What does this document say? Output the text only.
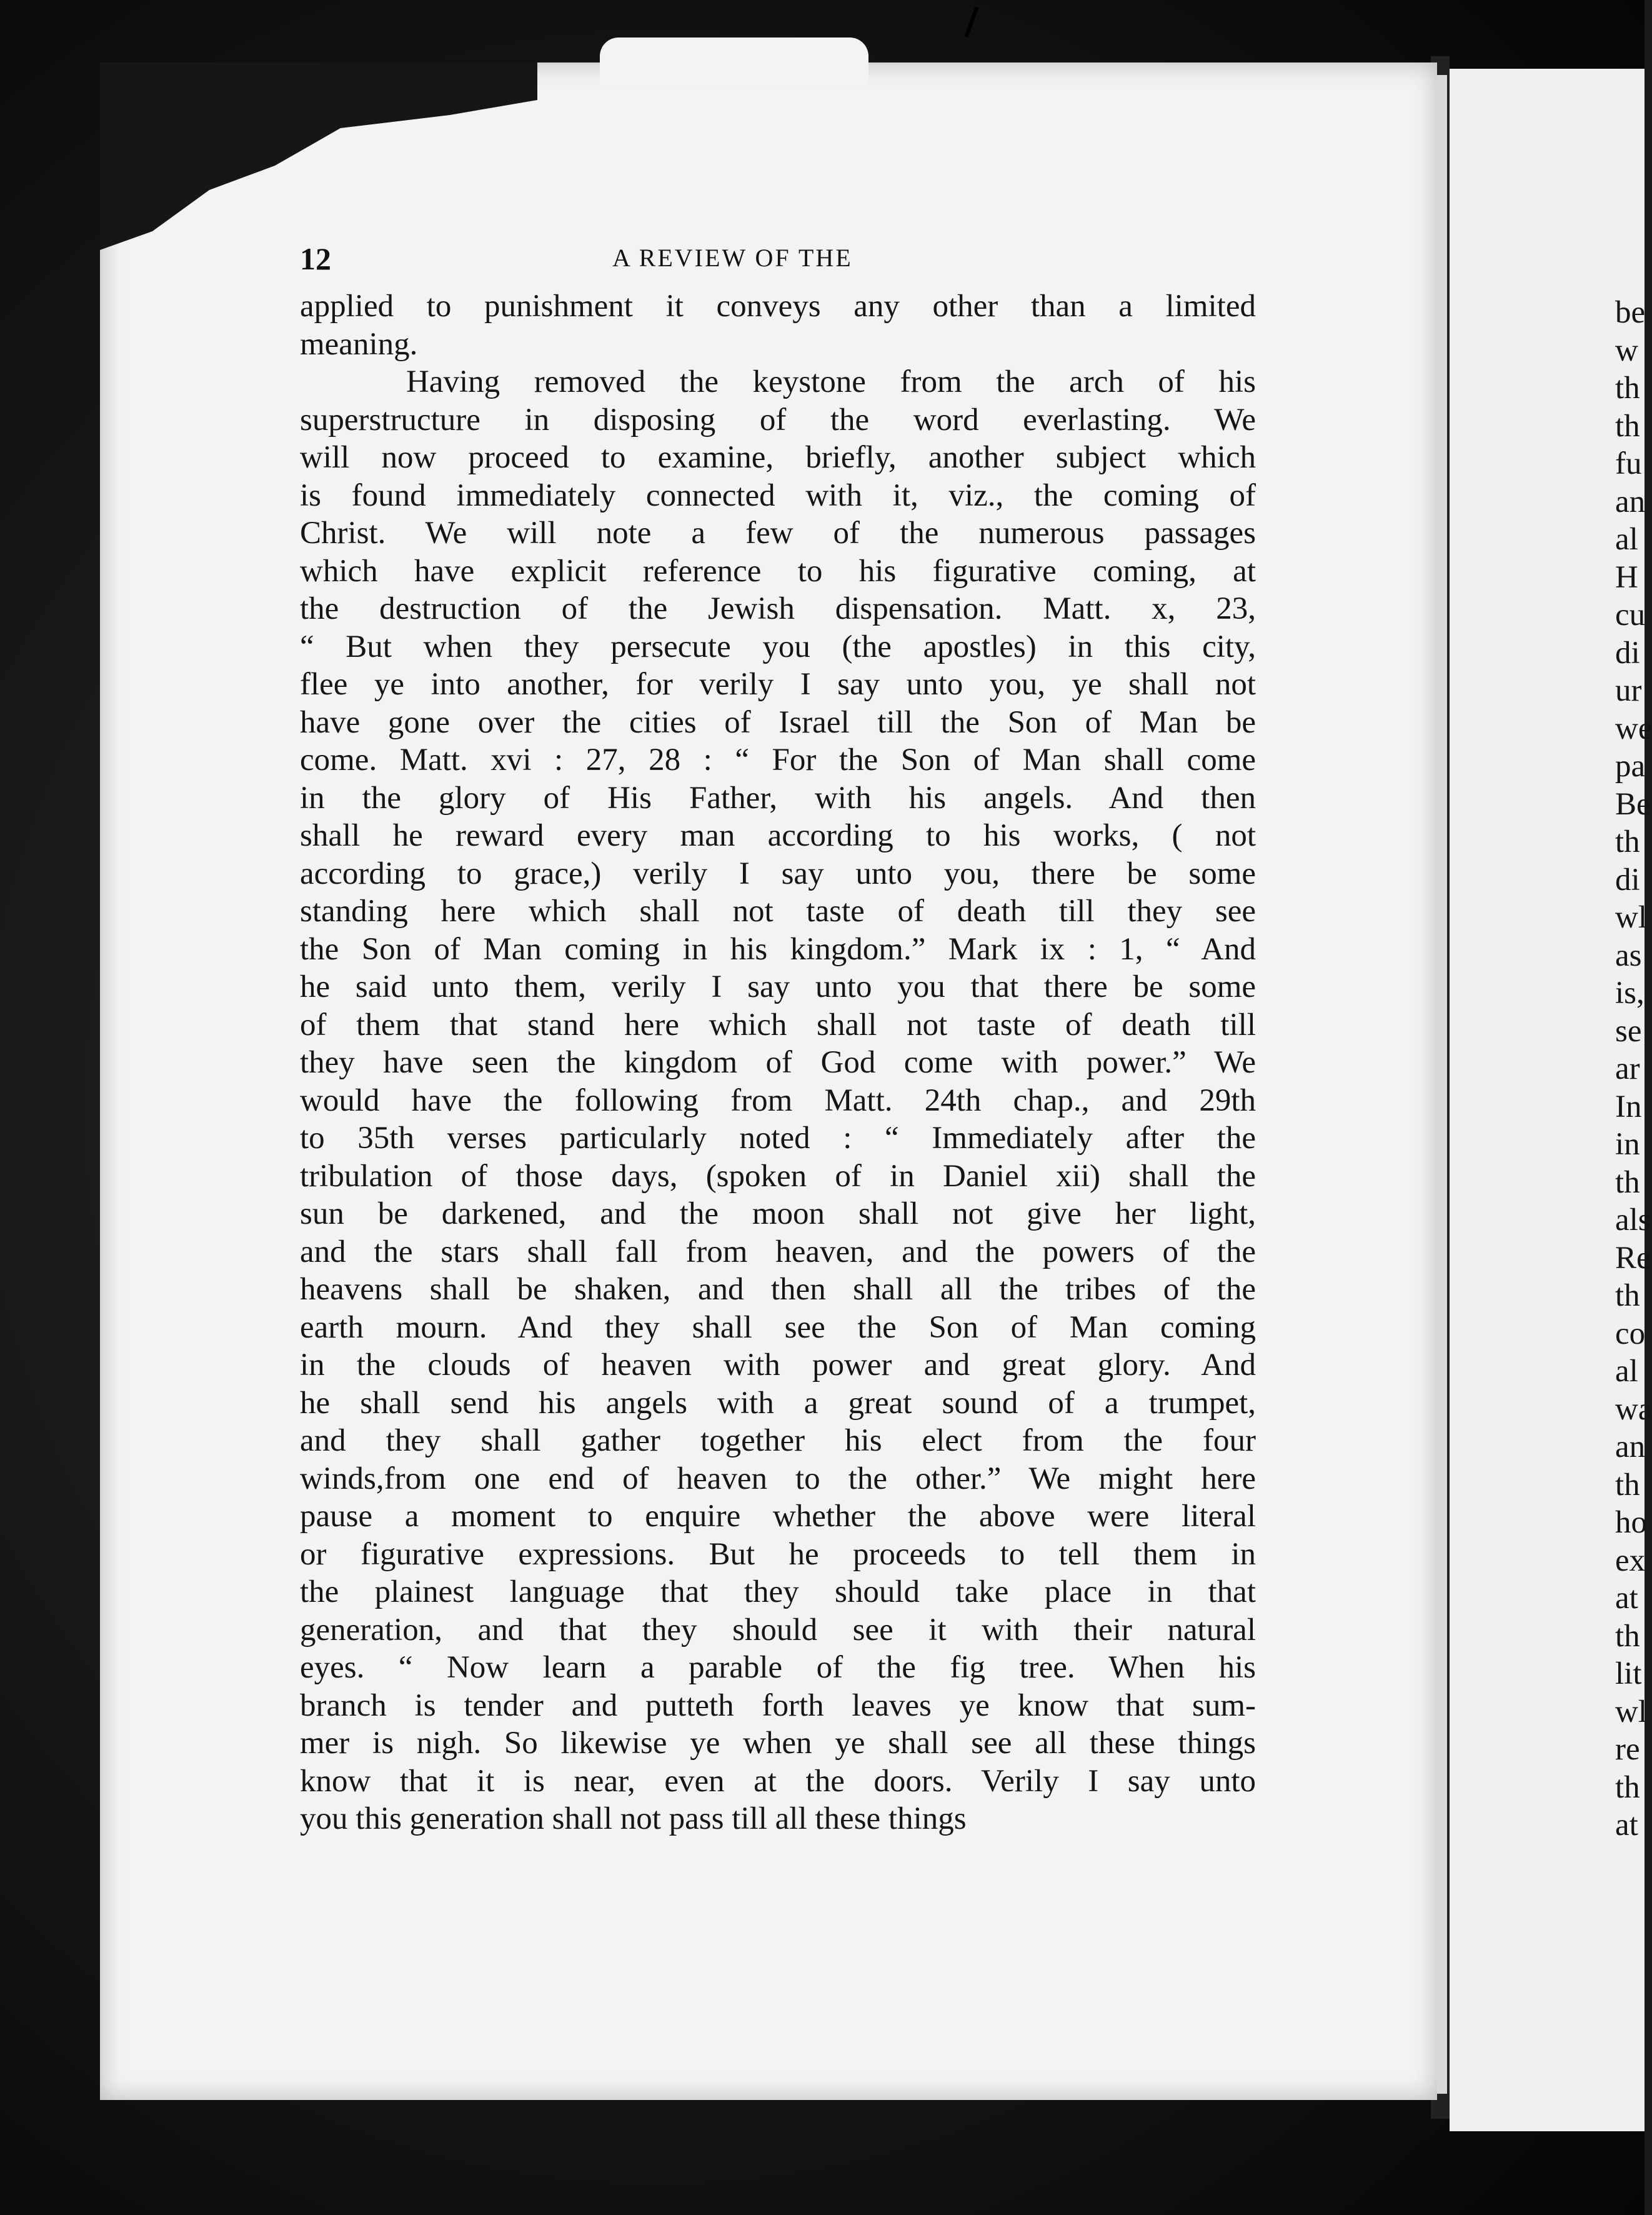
12	A REVIEW OF THE
applied to punishment it conveys any other than a limited
meaning.
Having removed the keystone from the arch of his
superstructure in disposing of the word everlasting. We
will now proceed to examine, briefly, another subject which
is found immediately connected with it, viz., the coming of
Christ. We will note a few of the numerous passages
which have explicit reference to his figurative coming, at
the destruction of the Jewish dispensation. Matt. x, 23,
“ But when they persecute you (the apostles) in this city,
flee ye into another, for verily I say unto you, ye shall not
have gone over the cities of Israel till the Son of Man be
come. Matt. xvi : 27, 28 : “ For the Son of Man shall come
in the glory of His Father, with his angels. And then
shall he reward every man according to his works, ( not
according to grace,) verily I say unto you, there be some
standing here which shall not taste of death till they see
the Son of Man coming in his kingdom.” Mark ix : 1, “ And
he said unto them, verily I say unto you that there be some
of them that stand here which shall not taste of death till
they have seen the kingdom of God come with power.” We
would have the following from Matt. 24th chap., and 29th
to 35th verses particularly noted : “ Immediately after the
tribulation of those days, (spoken of in Daniel xii) shall the
sun be darkened, and the moon shall not give her light,
and the stars shall fall from heaven, and the powers of the
heavens shall be shaken, and then shall all the tribes of the
earth mourn. And they shall see the Son of Man coming
in the clouds of heaven with power and great glory. And
he shall send his angels with a great sound of a trumpet,
and they shall gather together his elect from the four
winds,from one end of heaven to the other.” We might here
pause a moment to enquire whether the above were literal
or figurative expressions. But he proceeds to tell them in
the plainest language that they should take place in that
generation, and that they should see it with their natural
eyes. “ Now learn a parable of the fig tree. When his
branch is tender and putteth forth leaves ye know that sum-
mer is nigh. So likewise ye when ye shall see all these things
know that it is near, even at the doors. Verily I say unto
you this generation shall not pass till all these things
be
w
th
th
fu
an
al
H
cu
di
ur
we
pa
Be
th
di
wl
as
is,
se
ar
In
in
th
als
Re
th
co
al
wa
an
th
ho
ex
at
th
lit
wl
re
th
at
